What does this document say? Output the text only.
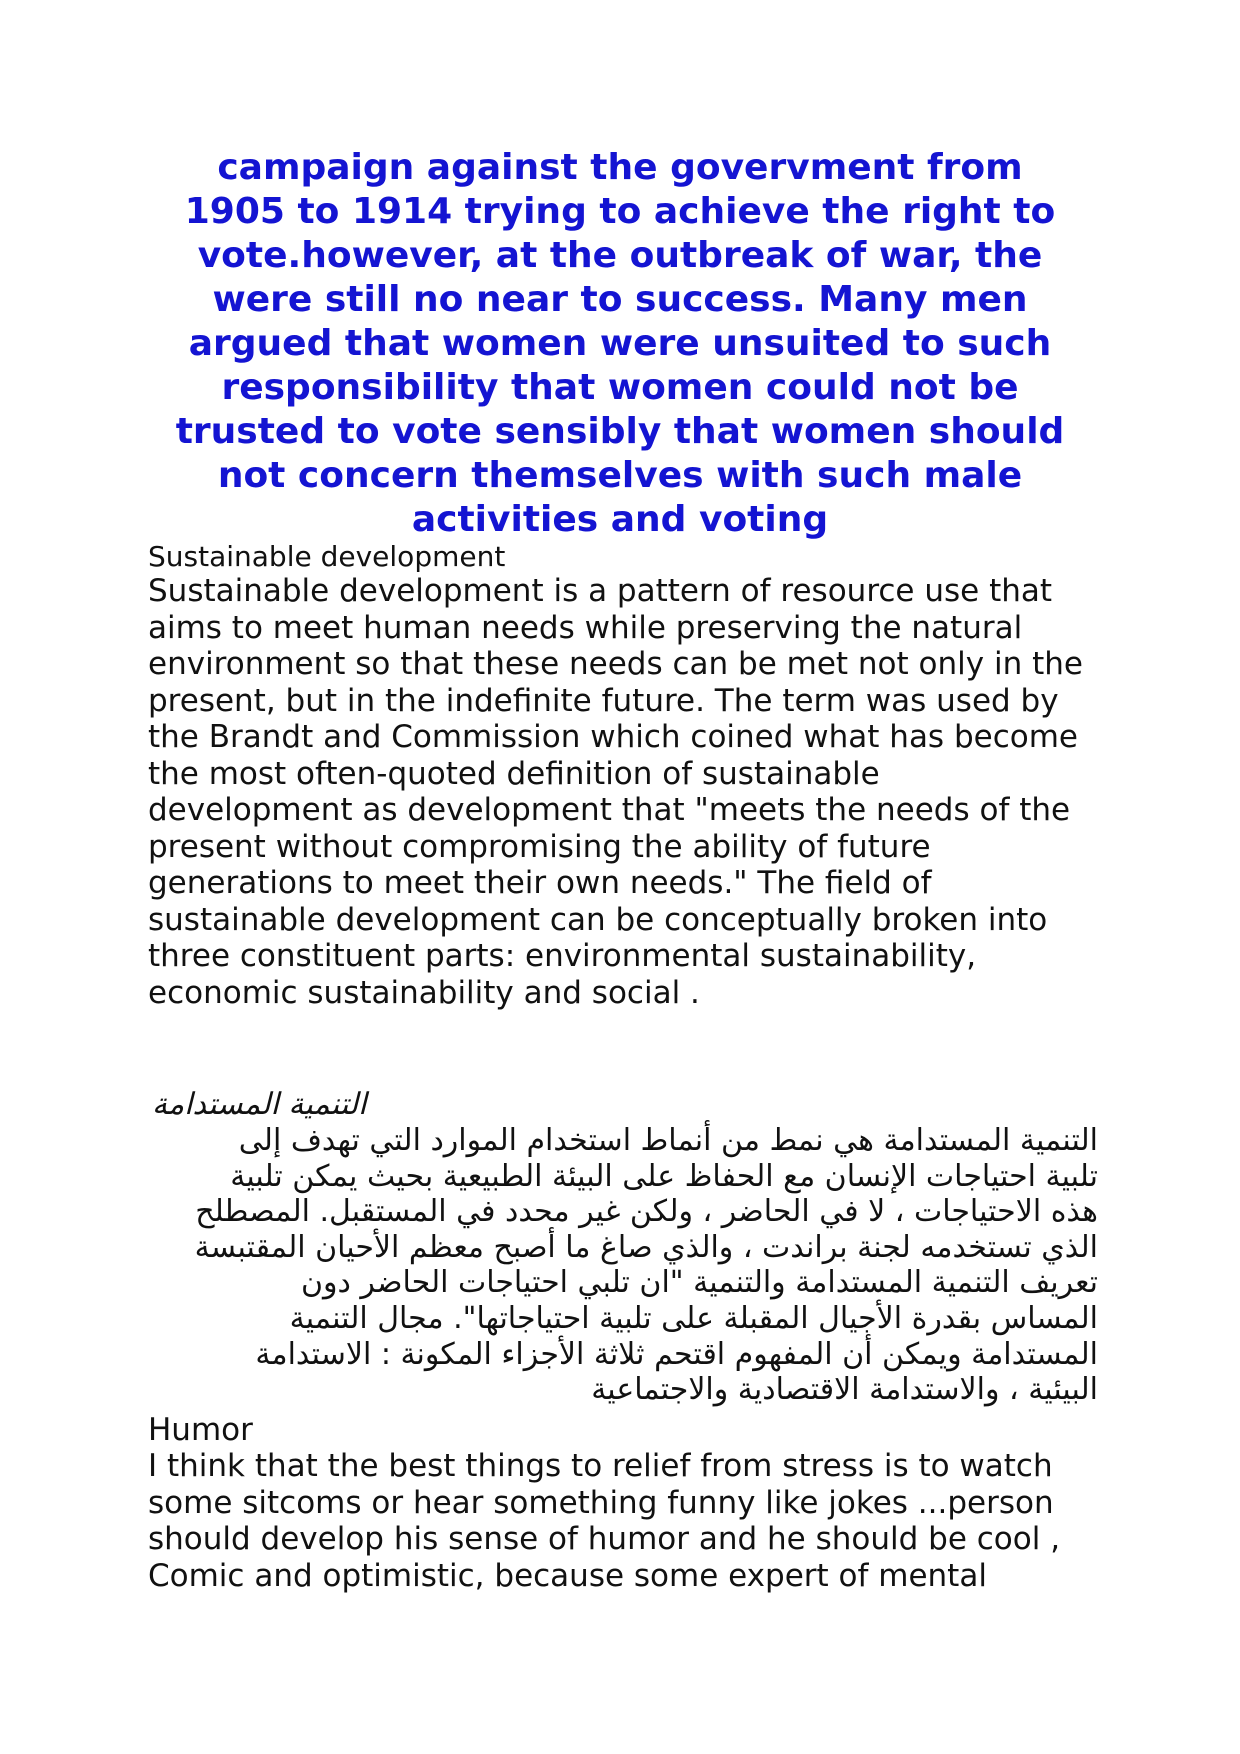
campaign against the govervment from
1905 to 1914 trying to achieve the right to
vote.however, at the outbreak of war, the
were still no near to success. Many men
argued that women were unsuited to such
responsibility that women could not be
trusted to vote sensibly that women should
not concern themselves with such male
activities and voting
Sustainable development
Sustainable development is a pattern of resource use that
aims to meet human needs while preserving the natural
environment so that these needs can be met not only in the
present, but in the indefinite future. The term was used by
the Brandt and Commission which coined what has become
the most often-quoted definition of sustainable
development as development that "meets the needs of the
present without compromising the ability of future
generations to meet their own needs." The field of
sustainable development can be conceptually broken into
three constituent parts: environmental sustainability,
economic sustainability and social .
التنمية المستدامة
التنمية المستدامة هي نمط من أنماط استخدام الموارد التي تهدف إلى
تلبية احتياجات الإنسان مع الحفاظ على البيئة الطبيعية بحيث يمكن تلبية
هذه الاحتياجات ، لا في الحاضر ، ولكن غير محدد في المستقبل. المصطلح
الذي تستخدمه لجنة براندت ، والذي صاغ ما أصبح معظم الأحيان المقتبسة
تعريف التنمية المستدامة والتنمية "ان تلبي احتياجات الحاضر دون
المساس بقدرة الأجيال المقبلة على تلبية احتياجاتها". مجال التنمية
المستدامة ويمكن أن المفهوم اقتحم ثلاثة الأجزاء المكونة : الاستدامة
البيئية ، والاستدامة الاقتصادية والاجتماعية
Humor
I think that the best things to relief from stress is to watch
some sitcoms or hear something funny like jokes ...person
should develop his sense of humor and he should be cool ,
Comic and optimistic, because some expert of mental
